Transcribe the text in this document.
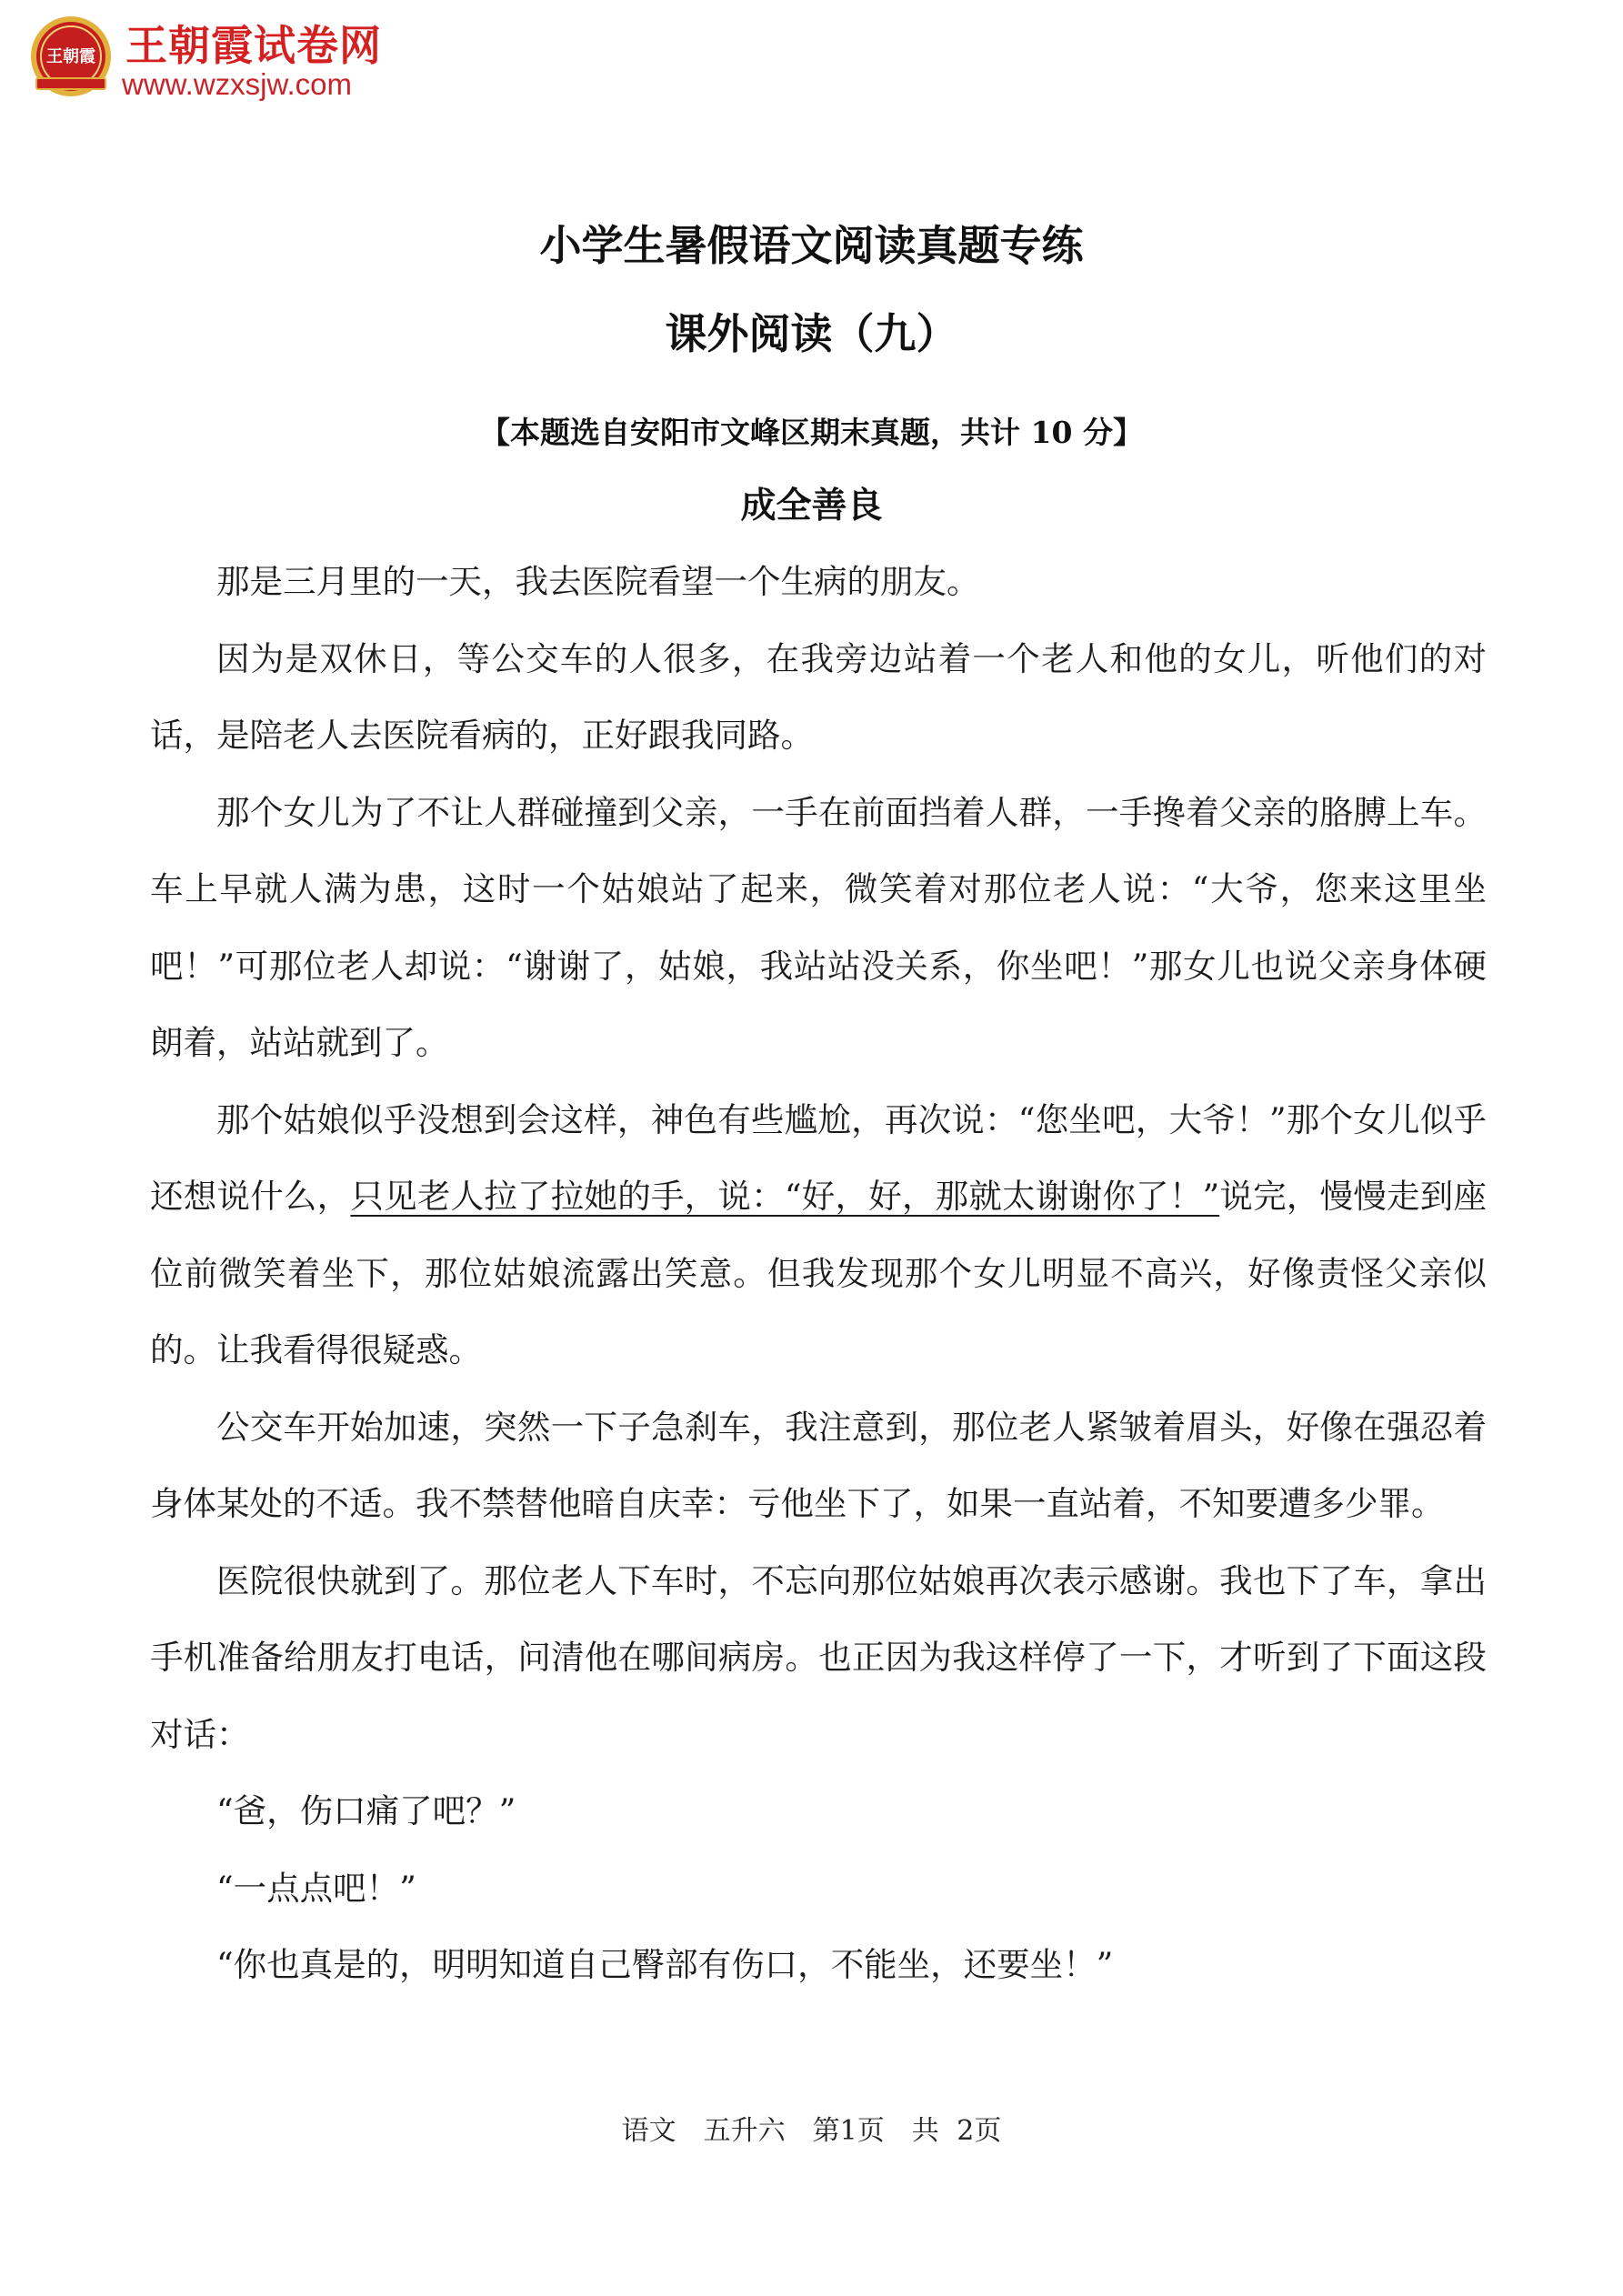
王朝霞 王朝霞试卷网
www.wzxsjw.com
小学生暑假语文阅读真题专练
课外阅读（九）
【本题选自安阳市文峰区期末真题，共计 10 分】
成全善良

那是三月里的一天，我去医院看望一个生病的朋友。

因为是双休日，等公交车的人很多，在我旁边站着一个老人和他的女儿，听他们的对话，是陪老人去医院看病的，正好跟我同路。

那个女儿为了不让人群碰撞到父亲，一手在前面挡着人群，一手搀着父亲的胳膊上车。车上早就人满为患，这时一个姑娘站了起来，微笑着对那位老人说：“大爷，您来这里坐吧！”可那位老人却说：“谢谢了，姑娘，我站站没关系，你坐吧！”那女儿也说父亲身体硬朗着，站站就到了。

那个姑娘似乎没想到会这样，神色有些尴尬，再次说：“您坐吧，大爷！”那个女儿似乎还想说什么，只见老人拉了拉她的手，说：“好，好，那就太谢谢你了！”说完，慢慢走到座位前微笑着坐下，那位姑娘流露出笑意。但我发现那个女儿明显不高兴，好像责怪父亲似的。让我看得很疑惑。

公交车开始加速，突然一下子急刹车，我注意到，那位老人紧皱着眉头，好像在强忍着身体某处的不适。我不禁替他暗自庆幸：亏他坐下了，如果一直站着，不知要遭多少罪。

医院很快就到了。那位老人下车时，不忘向那位姑娘再次表示感谢。我也下了车，拿出手机准备给朋友打电话，问清他在哪间病房。也正因为我这样停了一下，才听到了下面这段对话：

“爸，伤口痛了吧？”

“一点点吧！”

“你也真是的，明明知道自己臀部有伤口，不能坐，还要坐！”

语文　五升六　第1页　共 2页
